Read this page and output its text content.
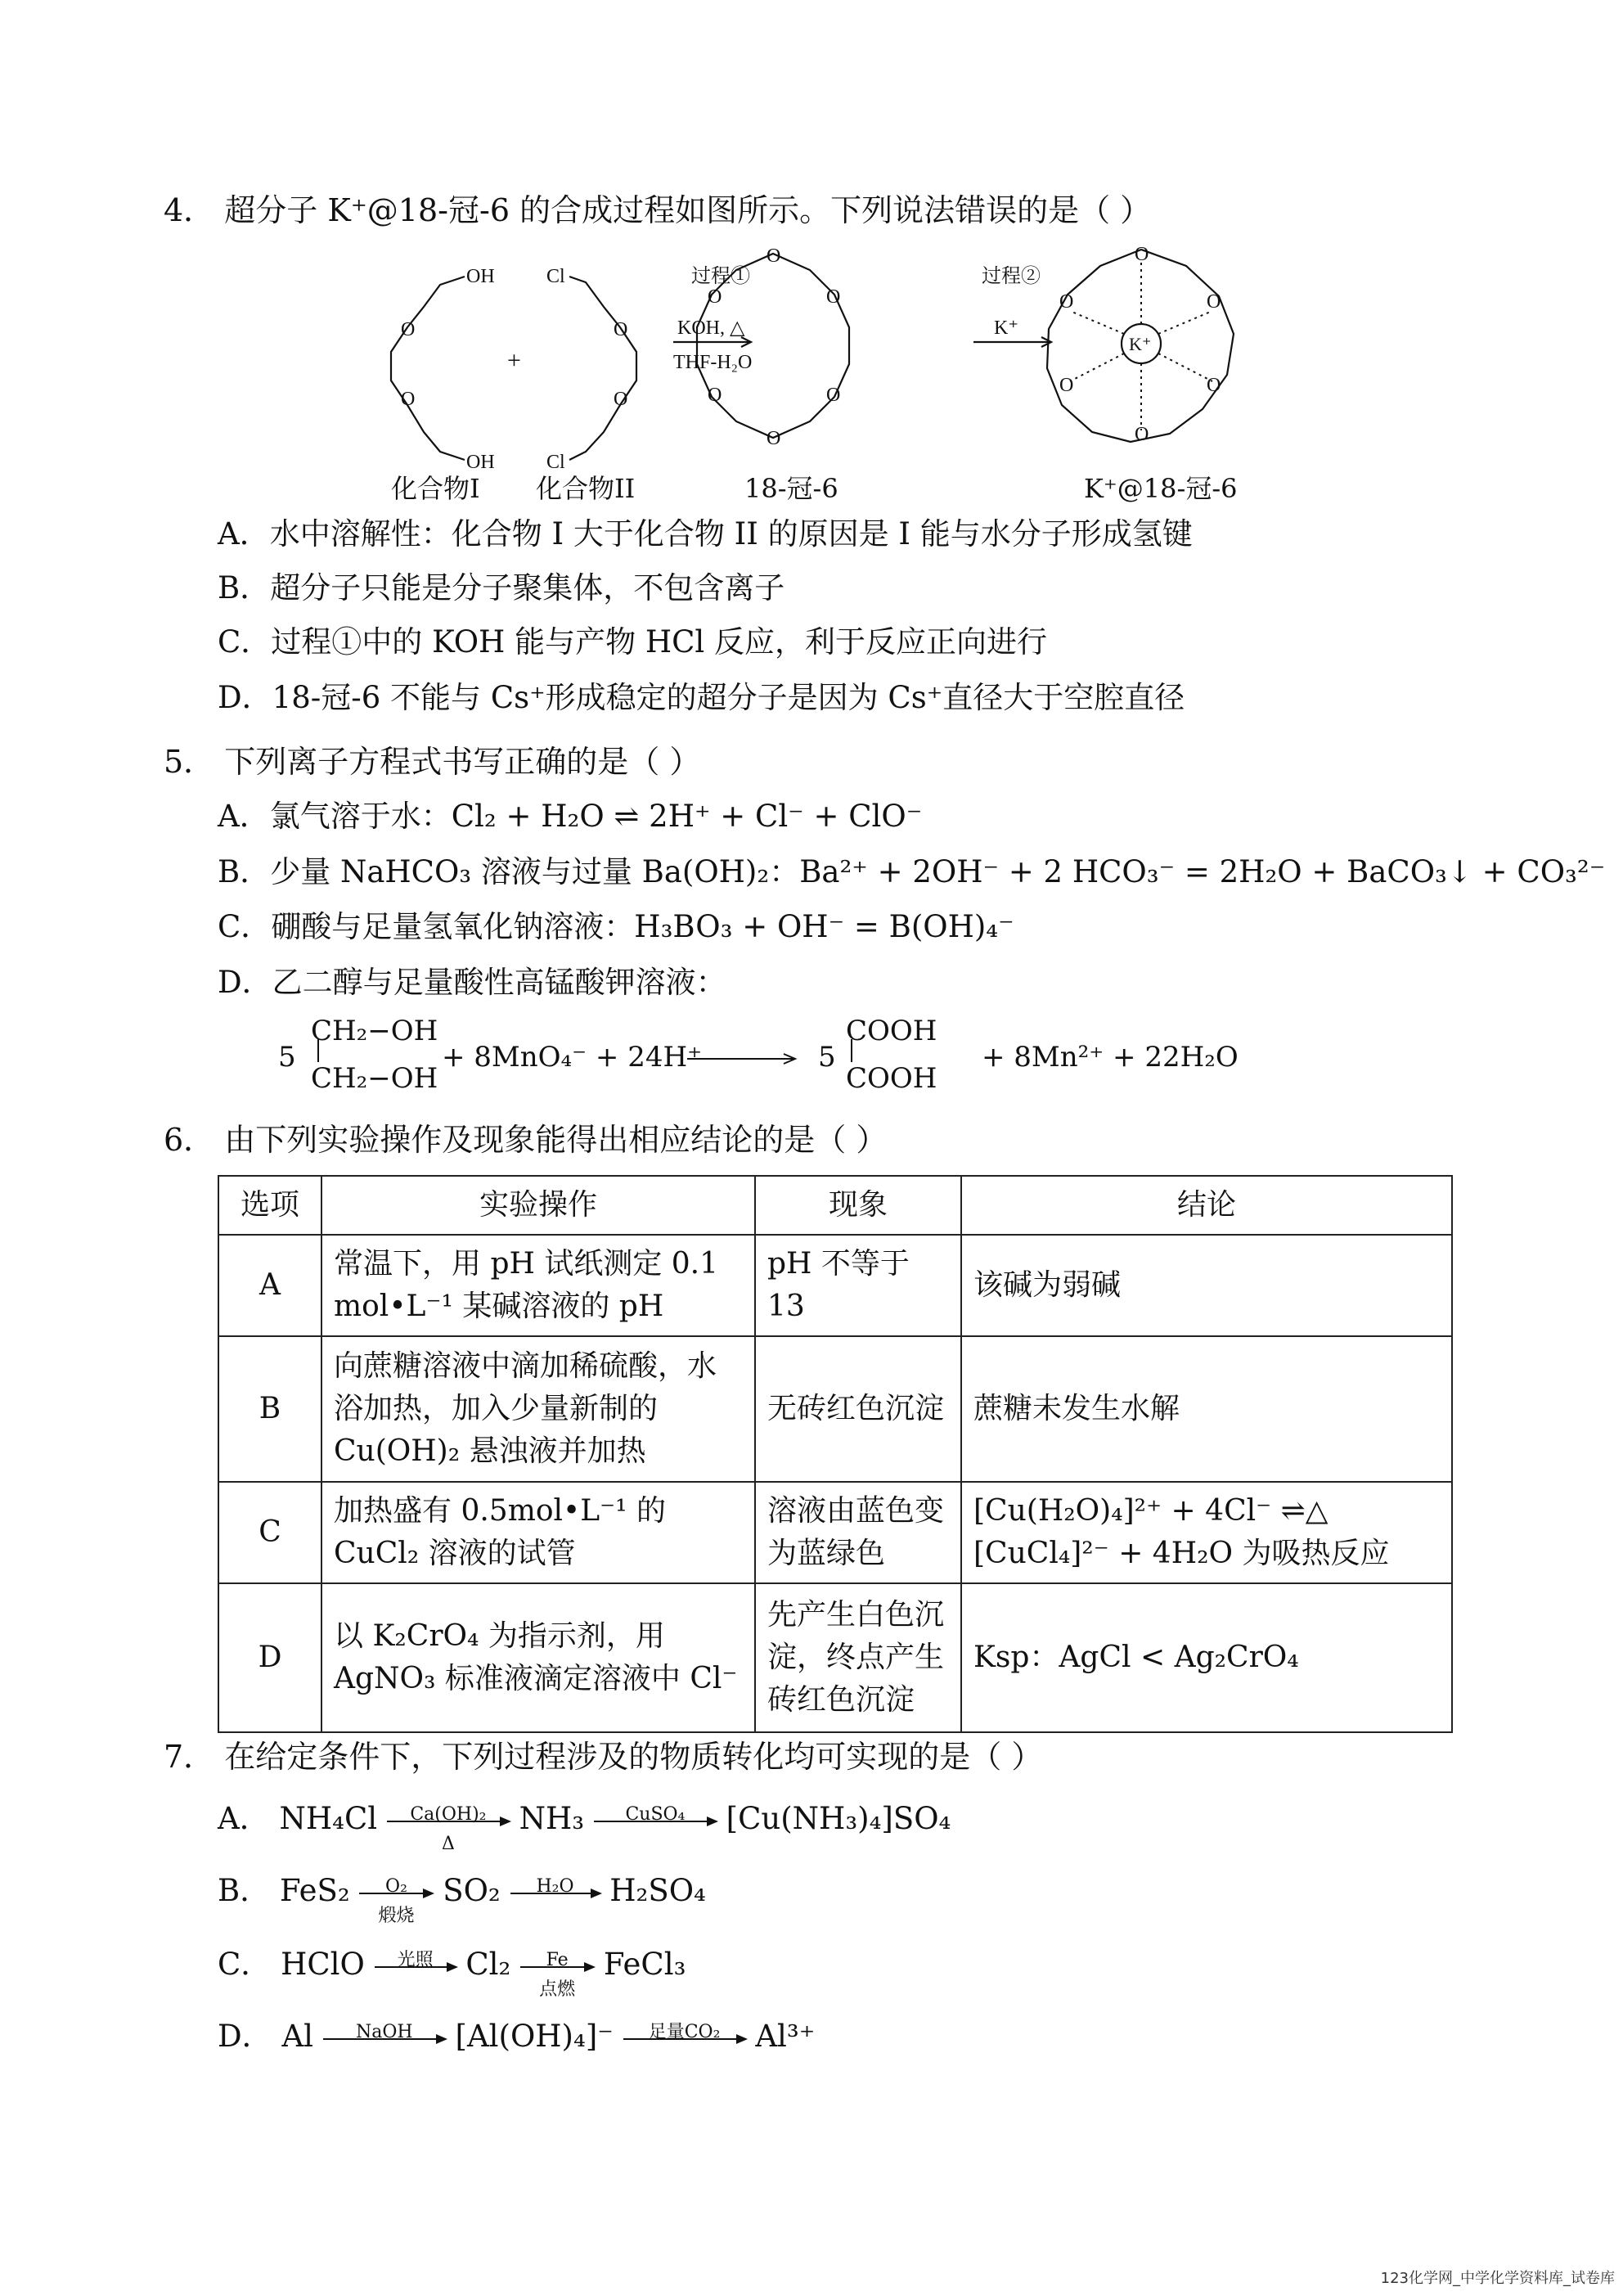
4． 超分子 K⁺@18-冠-6 的合成过程如图所示。下列说法错误的是（ ）
OH
OH
Cl
Cl
O
O
O
O
+
过程①
KOH, △
THF-H₂O
过程②
K⁺
O
O
O
O
O
O
O
O
O
O
O
O
K⁺
化合物I 化合物II	18-冠-6	K⁺@18-冠-6
A．水中溶解性：化合物 I 大于化合物 II 的原因是 I 能与水分子形成氢键
B．超分子只能是分子聚集体，不包含离子
C．过程①中的 KOH 能与产物 HCl 反应，利于反应正向进行
D．18-冠-6 不能与 Cs⁺形成稳定的超分子是因为 Cs⁺直径大于空腔直径
5． 下列离子方程式书写正确的是（ ）
A．氯气溶于水：Cl₂ + H₂O ⇌ 2H⁺ + Cl⁻ + ClO⁻
B．少量 NaHCO₃ 溶液与过量 Ba(OH)₂：Ba²⁺ + 2OH⁻ + 2 HCO₃⁻ = 2H₂O + BaCO₃↓ + CO₃²⁻
C．硼酸与足量氢氧化钠溶液：H₃BO₃ + OH⁻ = B(OH)₄⁻
D．乙二醇与足量酸性高锰酸钾溶液：
5
CH₂−OH
CH₂−OH
+ 8MnO₄⁻ + 24H⁺	5
COOH
COOH
+ 8Mn²⁺ + 22H₂O
6． 由下列实验操作及现象能得出相应结论的是（ ）
选项	实验操作	现象	结论
A	常温下，用 pH 试纸测定 0.1 mol•L⁻¹ 某碱溶液的 pH	pH 不等于 13	该碱为弱碱
B	向蔗糖溶液中滴加稀硫酸，水浴加热，加入少量新制的 Cu(OH)₂ 悬浊液并加热	无砖红色沉淀	蔗糖未发生水解
C	加热盛有 0.5mol•L⁻¹ 的 CuCl₂ 溶液的试管	溶液由蓝色变为蓝绿色	[Cu(H₂O)₄]²⁺ + 4Cl⁻ ⇌△ [CuCl₄]²⁻ + 4H₂O 为吸热反应
D	以 K₂CrO₄ 为指示剂，用 AgNO₃ 标准液滴定溶液中 Cl⁻	先产生白色沉淀，终点产生砖红色沉淀	Ksp：AgCl < Ag₂CrO₄
7． 在给定条件下，下列过程涉及的物质转化均可实现的是（ ）
A． $NH_4Cl \frac{\text{Ca(OH)₂}}{\Delta} NH_3$	CuSO₄	[Cu(NH₃)₄]SO₄
B． FeS₂	O₂
煅烧
SO₂	H₂O	H₂SO₄
C． HClO	光照	Cl₂	Fe
点燃
FeCl₃
D． Al	NaOH	[Al(OH)₄]⁻	足量CO₂	Al³⁺
123化学网_中学化学资料库_试卷库
